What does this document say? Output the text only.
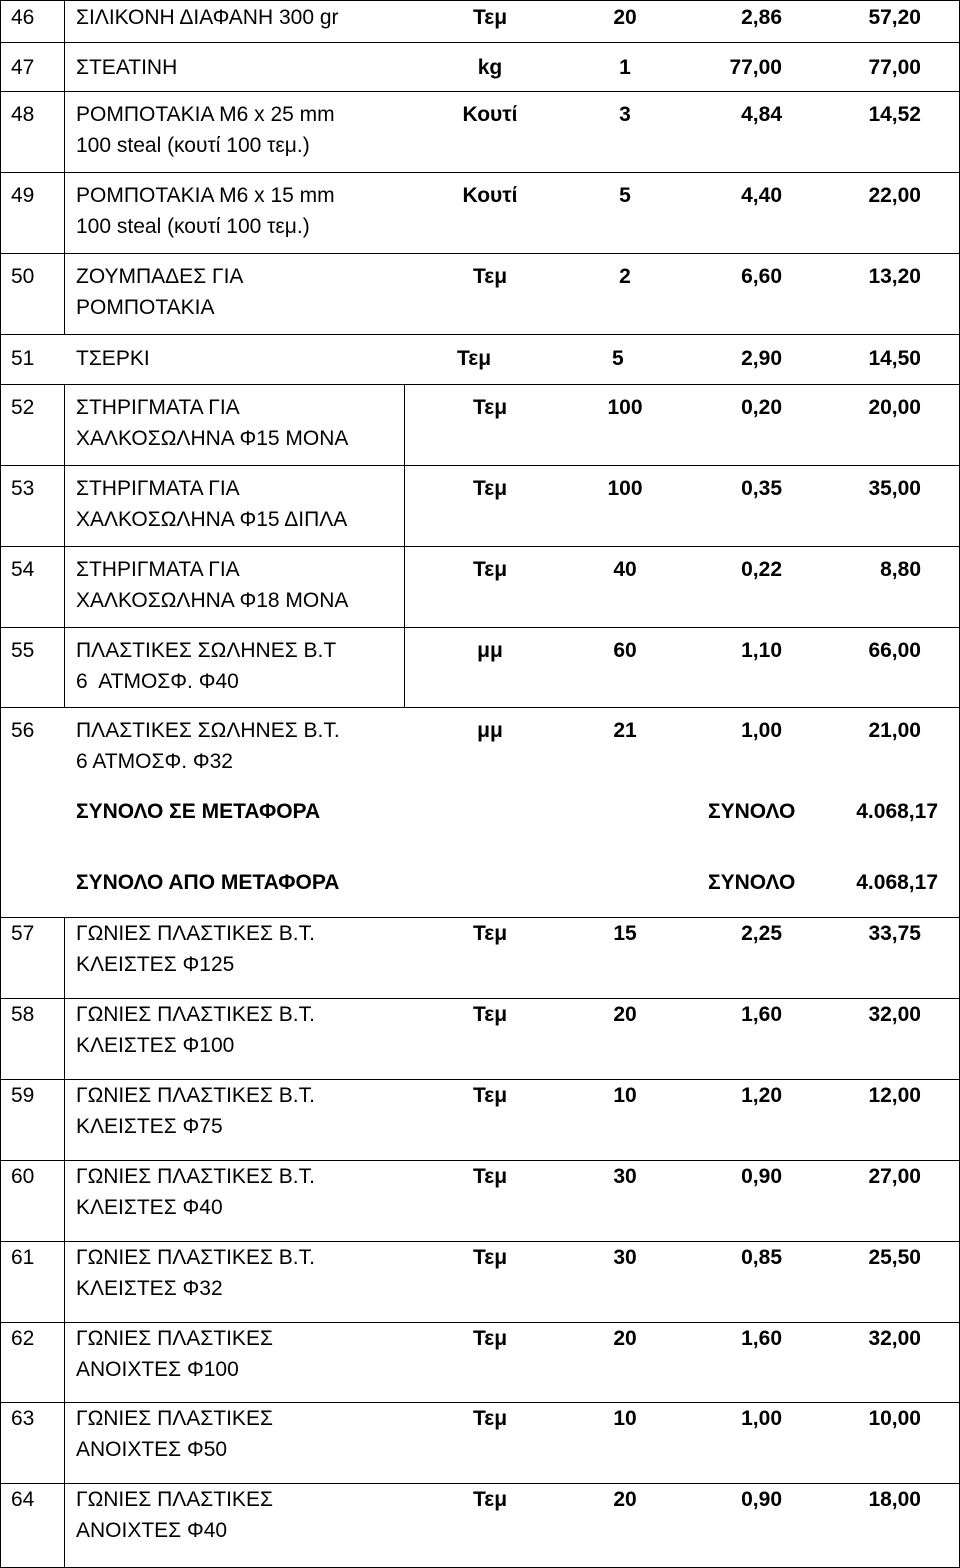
46 ΣΙΛΙΚΟΝΗ ΔΙΑΦΑΝΗ 300 gr	Τεμ	20	2,86	57,20
47 ΣΤΕΑΤΙΝΗ	kg	1	77,00	77,00
48 ΡΟΜΠΟΤΑΚΙΑ Μ6 x 25 mm
100 steal (κουτί 100 τεμ.)
Κουτί	3	4,84	14,52
49 ΡΟΜΠΟΤΑΚΙΑ Μ6 x 15 mm
100 steal (κουτί 100 τεμ.)
Κουτί	5	4,40	22,00
50 ΖΟΥΜΠΑΔΕΣ ΓΙΑ
ΡΟΜΠΟΤΑΚΙΑ
Τεμ	2	6,60	13,20
51 ΤΣΕΡΚΙ	Τεμ	5	2,90	14,50
52 ΣΤΗΡΙΓΜΑΤΑ ΓΙΑ
ΧΑΛΚΟΣΩΛΗΝΑ Φ15 ΜΟΝΑ
Τεμ	100	0,20	20,00
53 ΣΤΗΡΙΓΜΑΤΑ ΓΙΑ
ΧΑΛΚΟΣΩΛΗΝΑ Φ15 ΔΙΠΛΑ
Τεμ	100	0,35	35,00
54 ΣΤΗΡΙΓΜΑΤΑ ΓΙΑ
ΧΑΛΚΟΣΩΛΗΝΑ Φ18 ΜΟΝΑ
Τεμ	40	0,22	8,80
55 ΠΛΑΣΤΙΚΕΣ ΣΩΛΗΝΕΣ Β.Τ
6  ΑΤΜΟΣΦ. Φ40
μμ	60	1,10	66,00
56 ΠΛΑΣΤΙΚΕΣ ΣΩΛΗΝΕΣ Β.Τ.
6 ΑΤΜΟΣΦ. Φ32
μμ	21	1,00	21,00
ΣΥΝΟΛΟ ΣΕ ΜΕΤΑΦΟΡΑ	ΣΥΝΟΛΟ	4.068,17
ΣΥΝΟΛΟ ΑΠΟ ΜΕΤΑΦΟΡΑ	ΣΥΝΟΛΟ	4.068,17
57 ΓΩΝΙΕΣ ΠΛΑΣΤΙΚΕΣ Β.Τ.
ΚΛΕΙΣΤΕΣ Φ125
Τεμ	15	2,25	33,75
58 ΓΩΝΙΕΣ ΠΛΑΣΤΙΚΕΣ Β.Τ.
ΚΛΕΙΣΤΕΣ Φ100
Τεμ	20	1,60	32,00
59 ΓΩΝΙΕΣ ΠΛΑΣΤΙΚΕΣ Β.Τ.
ΚΛΕΙΣΤΕΣ Φ75
Τεμ	10	1,20	12,00
60 ΓΩΝΙΕΣ ΠΛΑΣΤΙΚΕΣ Β.Τ.
ΚΛΕΙΣΤΕΣ Φ40
Τεμ	30	0,90	27,00
61 ΓΩΝΙΕΣ ΠΛΑΣΤΙΚΕΣ Β.Τ.
ΚΛΕΙΣΤΕΣ Φ32
Τεμ	30	0,85	25,50
62 ΓΩΝΙΕΣ ΠΛΑΣΤΙΚΕΣ
ΑΝΟΙΧΤΕΣ Φ100
Τεμ	20	1,60	32,00
63 ΓΩΝΙΕΣ ΠΛΑΣΤΙΚΕΣ
ΑΝΟΙΧΤΕΣ Φ50
Τεμ	10	1,00	10,00
64 ΓΩΝΙΕΣ ΠΛΑΣΤΙΚΕΣ
ΑΝΟΙΧΤΕΣ Φ40
Τεμ	20	0,90	18,00
